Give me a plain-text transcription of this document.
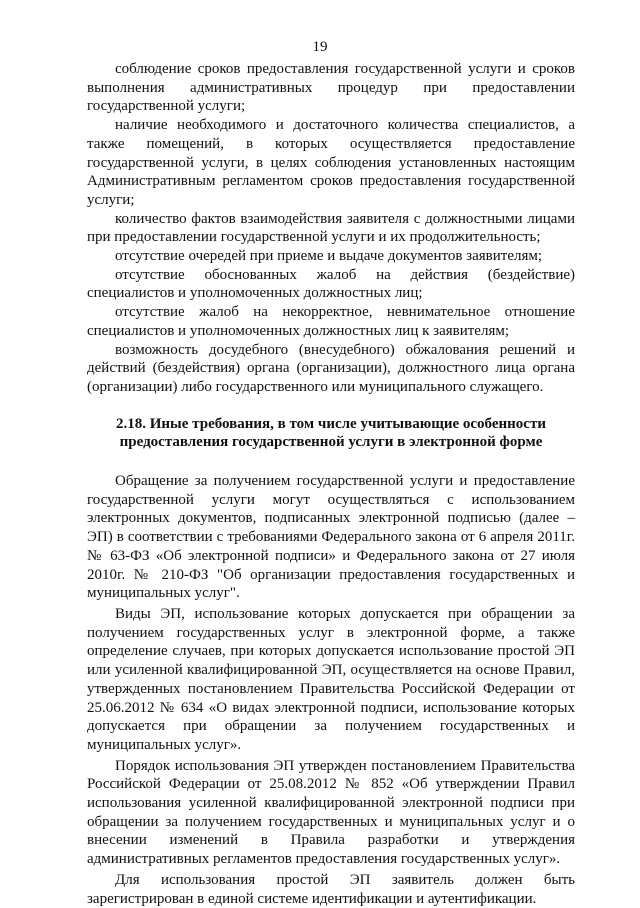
19

соблюдение сроков предоставления государственной услуги и сроков выполнения административных процедур при предоставлении государственной услуги;

наличие необходимого и достаточного количества специалистов, а также помещений, в которых осуществляется предоставление государственной услуги, в целях соблюдения установленных настоящим Административным регламентом сроков предоставления государственной услуги;

количество фактов взаимодействия заявителя с должностными лицами при предоставлении государственной услуги и их продолжительность;

отсутствие очередей при приеме и выдаче документов заявителям;

отсутствие обоснованных жалоб на действия (бездействие) специалистов и уполномоченных должностных лиц;

отсутствие жалоб на некорректное, невнимательное отношение специалистов и уполномоченных должностных лиц к заявителям;

возможность досудебного (внесудебного) обжалования решений и действий (бездействия) органа (организации), должностного лица органа (организации) либо государственного или муниципального служащего.

2.18. Иные требования, в том числе учитывающие особенности
предоставления государственной услуги в электронной форме

Обращение за получением государственной услуги и предоставление государственной услуги могут осуществляться с использованием электронных документов, подписанных электронной подписью (далее – ЭП) в соответствии с требованиями Федерального закона от 6 апреля 2011г. № 63-ФЗ «Об электронной подписи» и Федерального закона от 27 июля 2010г. № 210-ФЗ "Об организации предоставления государственных и муниципальных услуг".

Виды ЭП, использование которых допускается при обращении за получением государственных услуг в электронной форме, а также определение случаев, при которых допускается использование простой ЭП или усиленной квалифицированной ЭП, осуществляется на основе Правил, утвержденных постановлением Правительства Российской Федерации от 25.06.2012 № 634 «О видах электронной подписи, использование которых допускается при обращении за получением государственных и муниципальных услуг».

Порядок использования ЭП утвержден постановлением Правительства Российской Федерации от 25.08.2012 № 852 «Об утверждении Правил использования усиленной квалифицированной электронной подписи при обращении за получением государственных и муниципальных услуг и о внесении изменений в Правила разработки и утверждения административных регламентов предоставления государственных услуг».

Для использования простой ЭП заявитель должен быть зарегистрирован в единой системе идентификации и аутентификации.
